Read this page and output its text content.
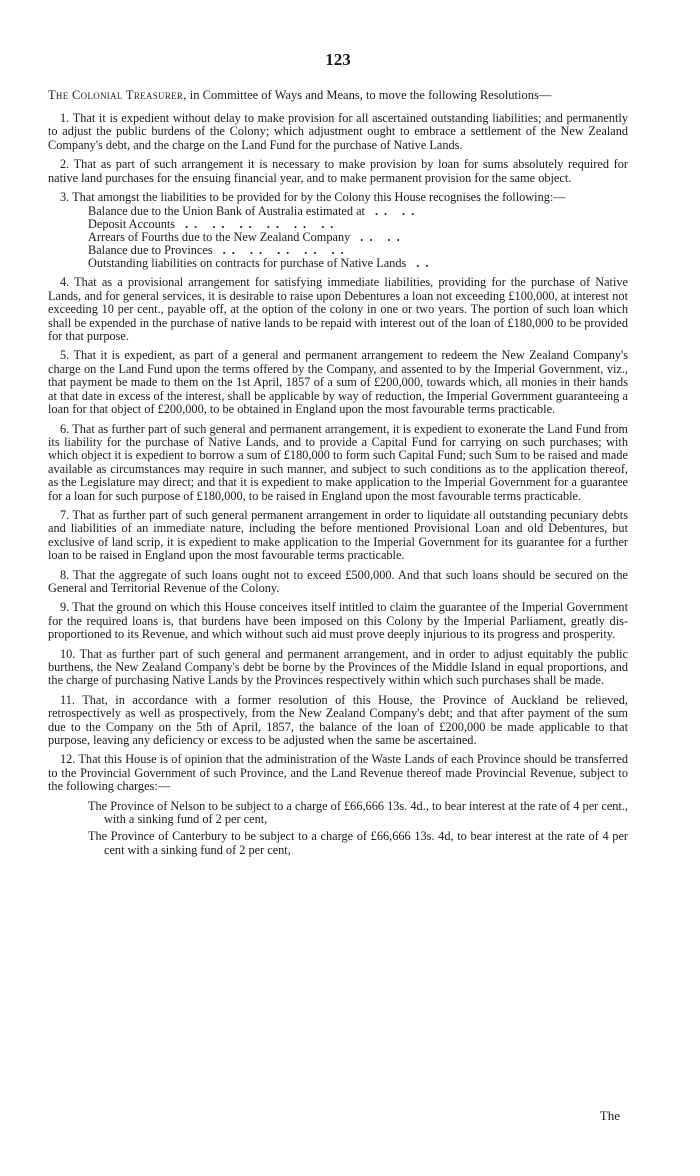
123

The Colonial Treasurer, in Committee of Ways and Means, to move the following Resolutions—

1. That it is expedient without delay to make provision for all ascertained outstanding liabilities; and permanently to adjust the public burdens of the Colony; which adjustment ought to embrace a settlement of the New Zealand Company's debt, and the charge on the Land Fund for the purchase of Native Lands.

2. That as part of such arrangement it is necessary to make provision by loan for sums absolutely required for native land purchases for the ensuing financial year, and to make permanent provision for the same object.

3. That amongst the liabilities to be provided for by the Colony this House recognises the following:—

Balance due to the Union Bank of Australia estimated at .. ..
Deposit Accounts .. .. .. .. .. ..
Arrears of Fourths due to the New Zealand Company .. ..
Balance due to Provinces .. .. .. .. ..
Outstanding liabilities on contracts for purchase of Native Lands ..

4. That as a provisional arrangement for satisfying immediate liabilities, providing for the purchase of Native Lands, and for general services, it is desirable to raise upon Debentures a loan not exceeding £100,000, at interest not exceeding 10 per cent., payable off, at the option of the colony in one or two years. The portion of such loan which shall be expended in the purchase of native lands to be repaid with interest out of the loan of £180,000 to be provided for that purpose.

5. That it is expedient, as part of a general and permanent arrangement to redeem the New Zealand Company's charge on the Land Fund upon the terms offered by the Company, and assented to by the Imperial Government, viz., that payment be made to them on the 1st April, 1857 of a sum of £200,000, towards which, all monies in their hands at that date in excess of the interest, shall be applicable by way of reduction, the Imperial Government guaranteeing a loan for that object of £200,000, to be obtained in England upon the most favourable terms practicable.

6. That as further part of such general and permanent arrangement, it is expedient to exonerate the Land Fund from its liability for the purchase of Native Lands, and to provide a Capital Fund for carrying on such purchases; with which object it is expedient to borrow a sum of £180,000 to form such Capital Fund; such Sum to be raised and made available as circumstances may require in such manner, and subject to such conditions as to the application thereof, as the Legislature may direct; and that it is expedient to make application to the Imperial Government for a guarantee for a loan for such purpose of £180,000, to be raised in England upon the most favourable terms practicable.

7. That as further part of such general permanent arrangement in order to liquidate all outstanding pecuniary debts and liabilities of an immediate nature, including the before mentioned Provisional Loan and old Debentures, but exclusive of land scrip, it is expedient to make application to the Imperial Government for its guarantee for a further loan to be raised in England upon the most favourable terms practicable.

8. That the aggregate of such loans ought not to exceed £500,000. And that such loans should be secured on the General and Territorial Revenue of the Colony.

9. That the ground on which this House conceives itself intitled to claim the guarantee of the Imperial Government for the required loans is, that burdens have been imposed on this Colony by the Imperial Parliament, greatly dis-proportioned to its Revenue, and which without such aid must prove deeply injurious to its progress and prosperity.

10. That as further part of such general and permanent arrangement, and in order to adjust equitably the public burthens, the New Zealand Company's debt be borne by the Provinces of the Middle Island in equal proportions, and the charge of purchasing Native Lands by the Provinces respectively within which such purchases shall be made.

11. That, in accordance with a former resolution of this House, the Province of Auckland be relieved, retrospectively as well as prospectively, from the New Zealand Company's debt; and that after payment of the sum due to the Company on the 5th of April, 1857, the balance of the loan of £200,000 be made applicable to that purpose, leaving any deficiency or excess to be adjusted when the same be ascertained.

12. That this House is of opinion that the administration of the Waste Lands of each Province should be transferred to the Provincial Government of such Province, and the Land Revenue thereof made Provincial Revenue, subject to the following charges:—

The Province of Nelson to be subject to a charge of £66,666 13s. 4d., to bear interest at the rate of 4 per cent., with a sinking fund of 2 per cent,
The Province of Canterbury to be subject to a charge of £66,666 13s. 4d, to bear interest at the rate of 4 per cent with a sinking fund of 2 per cent,
The
